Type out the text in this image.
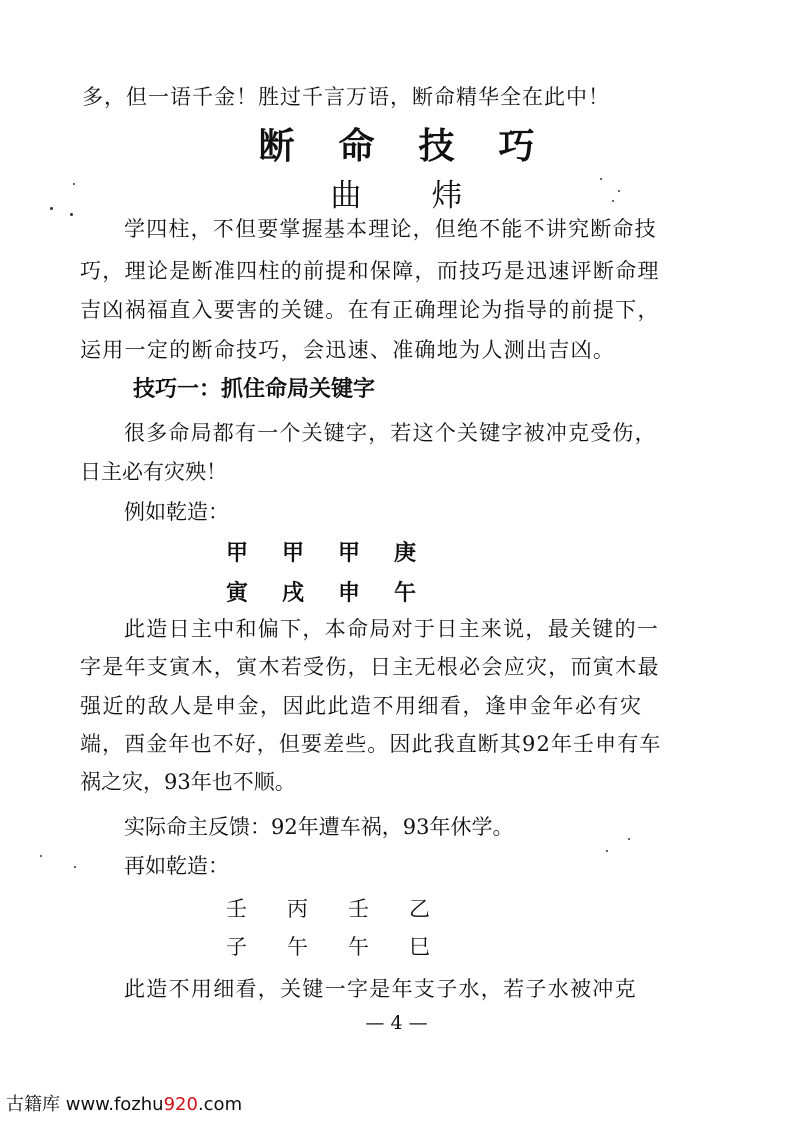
多，但一语千金！胜过千言万语，断命精华全在此中！
断命技巧
曲炜
学四柱，不但要掌握基本理论，但绝不能不讲究断命技
巧，理论是断准四柱的前提和保障，而技巧是迅速评断命理
吉凶祸福直入要害的关键。在有正确理论为指导的前提下，
运用一定的断命技巧，会迅速、准确地为人测出吉凶。
技巧一：抓住命局关键字
很多命局都有一个关键字，若这个关键字被冲克受伤，
日主必有灾殃！
例如乾造：
甲甲甲庚
寅戌申午
此造日主中和偏下，本命局对于日主来说，最关键的一
字是年支寅木，寅木若受伤，日主无根必会应灾，而寅木最
强近的敌人是申金，因此此造不用细看，逢申金年必有灾
端，酉金年也不好，但要差些。因此我直断其92年壬申有车
祸之灾，93年也不顺。
实际命主反馈：92年遭车祸，93年休学。
再如乾造：
壬丙壬乙
子午午巳
此造不用细看，关键一字是年支子水，若子水被冲克
— 4 —
古籍库 www.fozhu920.com
